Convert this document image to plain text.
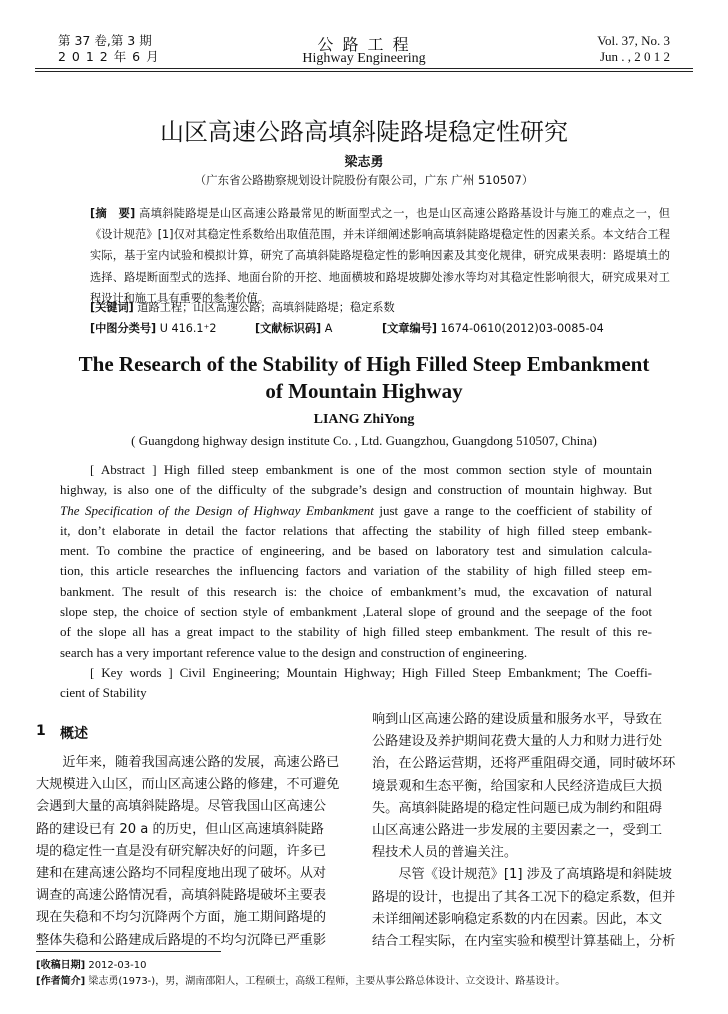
第 37 卷,第 3 期
2 0 1 2 年 6 月
公 路 工 程
Highway Engineering
Vol. 37, No. 3
Jun . , 2 0 1 2
山区高速公路高填斜陡路堤稳定性研究
梁志勇
（广东省公路勘察规划设计院股份有限公司，广东 广州 510507）
[摘　要] 高填斜陡路堤是山区高速公路最常见的断面型式之一，也是山区高速公路路基设计与施工的难点之一，但《设计规范》[1]仅对其稳定性系数给出取值范围，并未详细阐述影响高填斜陡路堤稳定性的因素关系。本文结合工程实际，基于室内试验和模拟计算，研究了高填斜陡路堤稳定性的影响因素及其变化规律，研究成果表明：路堤填土的选择、路堤断面型式的选择、地面台阶的开挖、地面横坡和路堤坡脚处渗水等均对其稳定性影响很大，研究成果对工程设计和施工具有重要的参考价值。
[关键词] 道路工程；山区高速公路；高填斜陡路堤；稳定系数
[中图分类号] U 416.1⁺2	[文献标识码] A	[文章编号] 1674-0610(2012)03-0085-04
The Research of the Stability of High Filled Steep Embankment
of Mountain Highway
LIANG ZhiYong
( Guangdong highway design institute Co. , Ltd. Guangzhou, Guangdong 510507, China)
[ Abstract ] High filled steep embankment is one of the most common section style of mountain
highway, is also one of the difficulty of the subgrade’s design and construction of mountain highway. But
The Specification of the Design of Highway Embankment just gave a range to the coefficient of stability of
it, don’t elaborate in detail the factor relations that affecting the stability of high filled steep embank-
ment. To combine the practice of engineering, and be based on laboratory test and simulation calcula-
tion, this article researches the influencing factors and variation of the stability of high filled steep em-
bankment. The result of this research is: the choice of embankment’s mud, the excavation of natural
slope step, the choice of section style of embankment ,Lateral slope of ground and the seepage of the foot
of the slope all has a great impact to the stability of high filled steep embankment. The result of this re-
search has a very important reference value to the design and construction of engineering.
[ Key words ] Civil Engineering; Mountain Highway; High Filled Steep Embankment; The Coeffi-
cient of Stability
1 概述
　　近年来，随着我国高速公路的发展，高速公路已
大规模进入山区，而山区高速公路的修建，不可避免
会遇到大量的高填斜陡路堤。尽管我国山区高速公
路的建设已有 20 a 的历史，但山区高速填斜陡路
堤的稳定性一直是没有研究解决好的问题，许多已
建和在建高速公路均不同程度地出现了破坏。从对
调查的高速公路情况看，高填斜陡路堤破坏主要表
现在失稳和不均匀沉降两个方面，施工期间路堤的
整体失稳和公路建成后路堤的不均匀沉降已严重影
响到山区高速公路的建设质量和服务水平，导致在
公路建设及养护期间花费大量的人力和财力进行处
治，在公路运营期，还将严重阻碍交通，同时破坏环
境景观和生态平衡，给国家和人民经济造成巨大损
失。高填斜陡路堤的稳定性问题已成为制约和阻碍
山区高速公路进一步发展的主要因素之一，受到工
程技术人员的普遍关注。
　　尽管《设计规范》[1] 涉及了高填路堤和斜陡坡
路堤的设计，也提出了其各工况下的稳定系数，但并
未详细阐述影响稳定系数的内在因素。因此，本文
结合工程实际，在内室实验和模型计算基础上，分析
[收稿日期] 2012-03-10
[作者简介] 梁志勇(1973-)，男，湖南邵阳人，工程硕士，高级工程师，主要从事公路总体设计、立交设计、路基设计。
